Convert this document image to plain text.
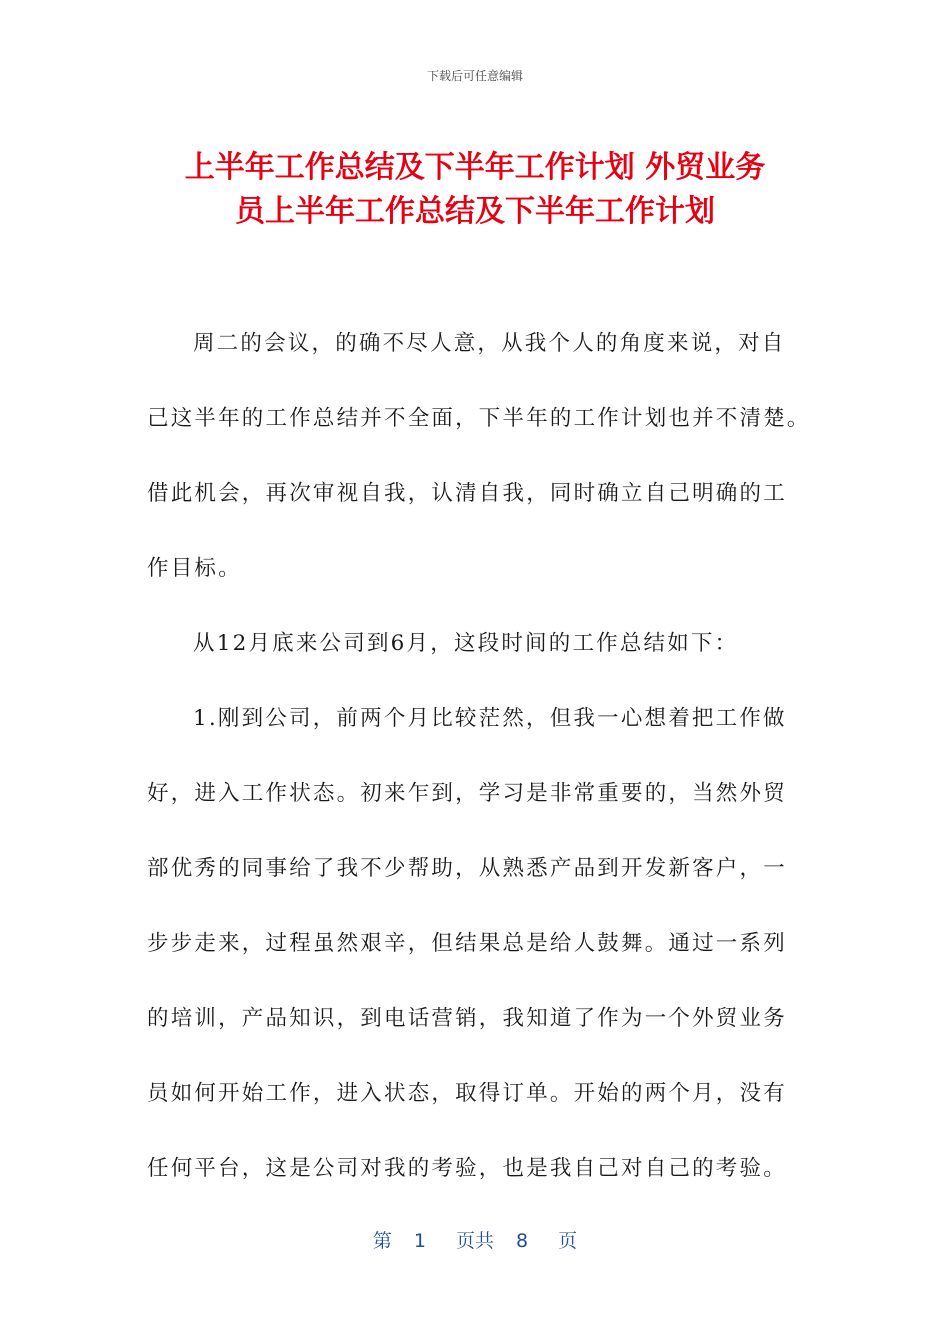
下载后可任意编辑
上半年工作总结及下半年工作计划 外贸业务
员上半年工作总结及下半年工作计划
周二的会议，的确不尽人意，从我个人的角度来说，对自
己这半年的工作总结并不全面，下半年的工作计划也并不清楚。
借此机会，再次审视自我，认清自我，同时确立自己明确的工
作目标。
从12月底来公司到6月，这段时间的工作总结如下：
1.刚到公司，前两个月比较茫然，但我一心想着把工作做
好，进入工作状态。初来乍到，学习是非常重要的，当然外贸
部优秀的同事给了我不少帮助，从熟悉产品到开发新客户，一
步步走来，过程虽然艰辛，但结果总是给人鼓舞。通过一系列
的培训，产品知识，到电话营销，我知道了作为一个外贸业务
员如何开始工作，进入状态，取得订单。开始的两个月，没有
任何平台，这是公司对我的考验，也是我自己对自己的考验。
第 1 页共 8 页
